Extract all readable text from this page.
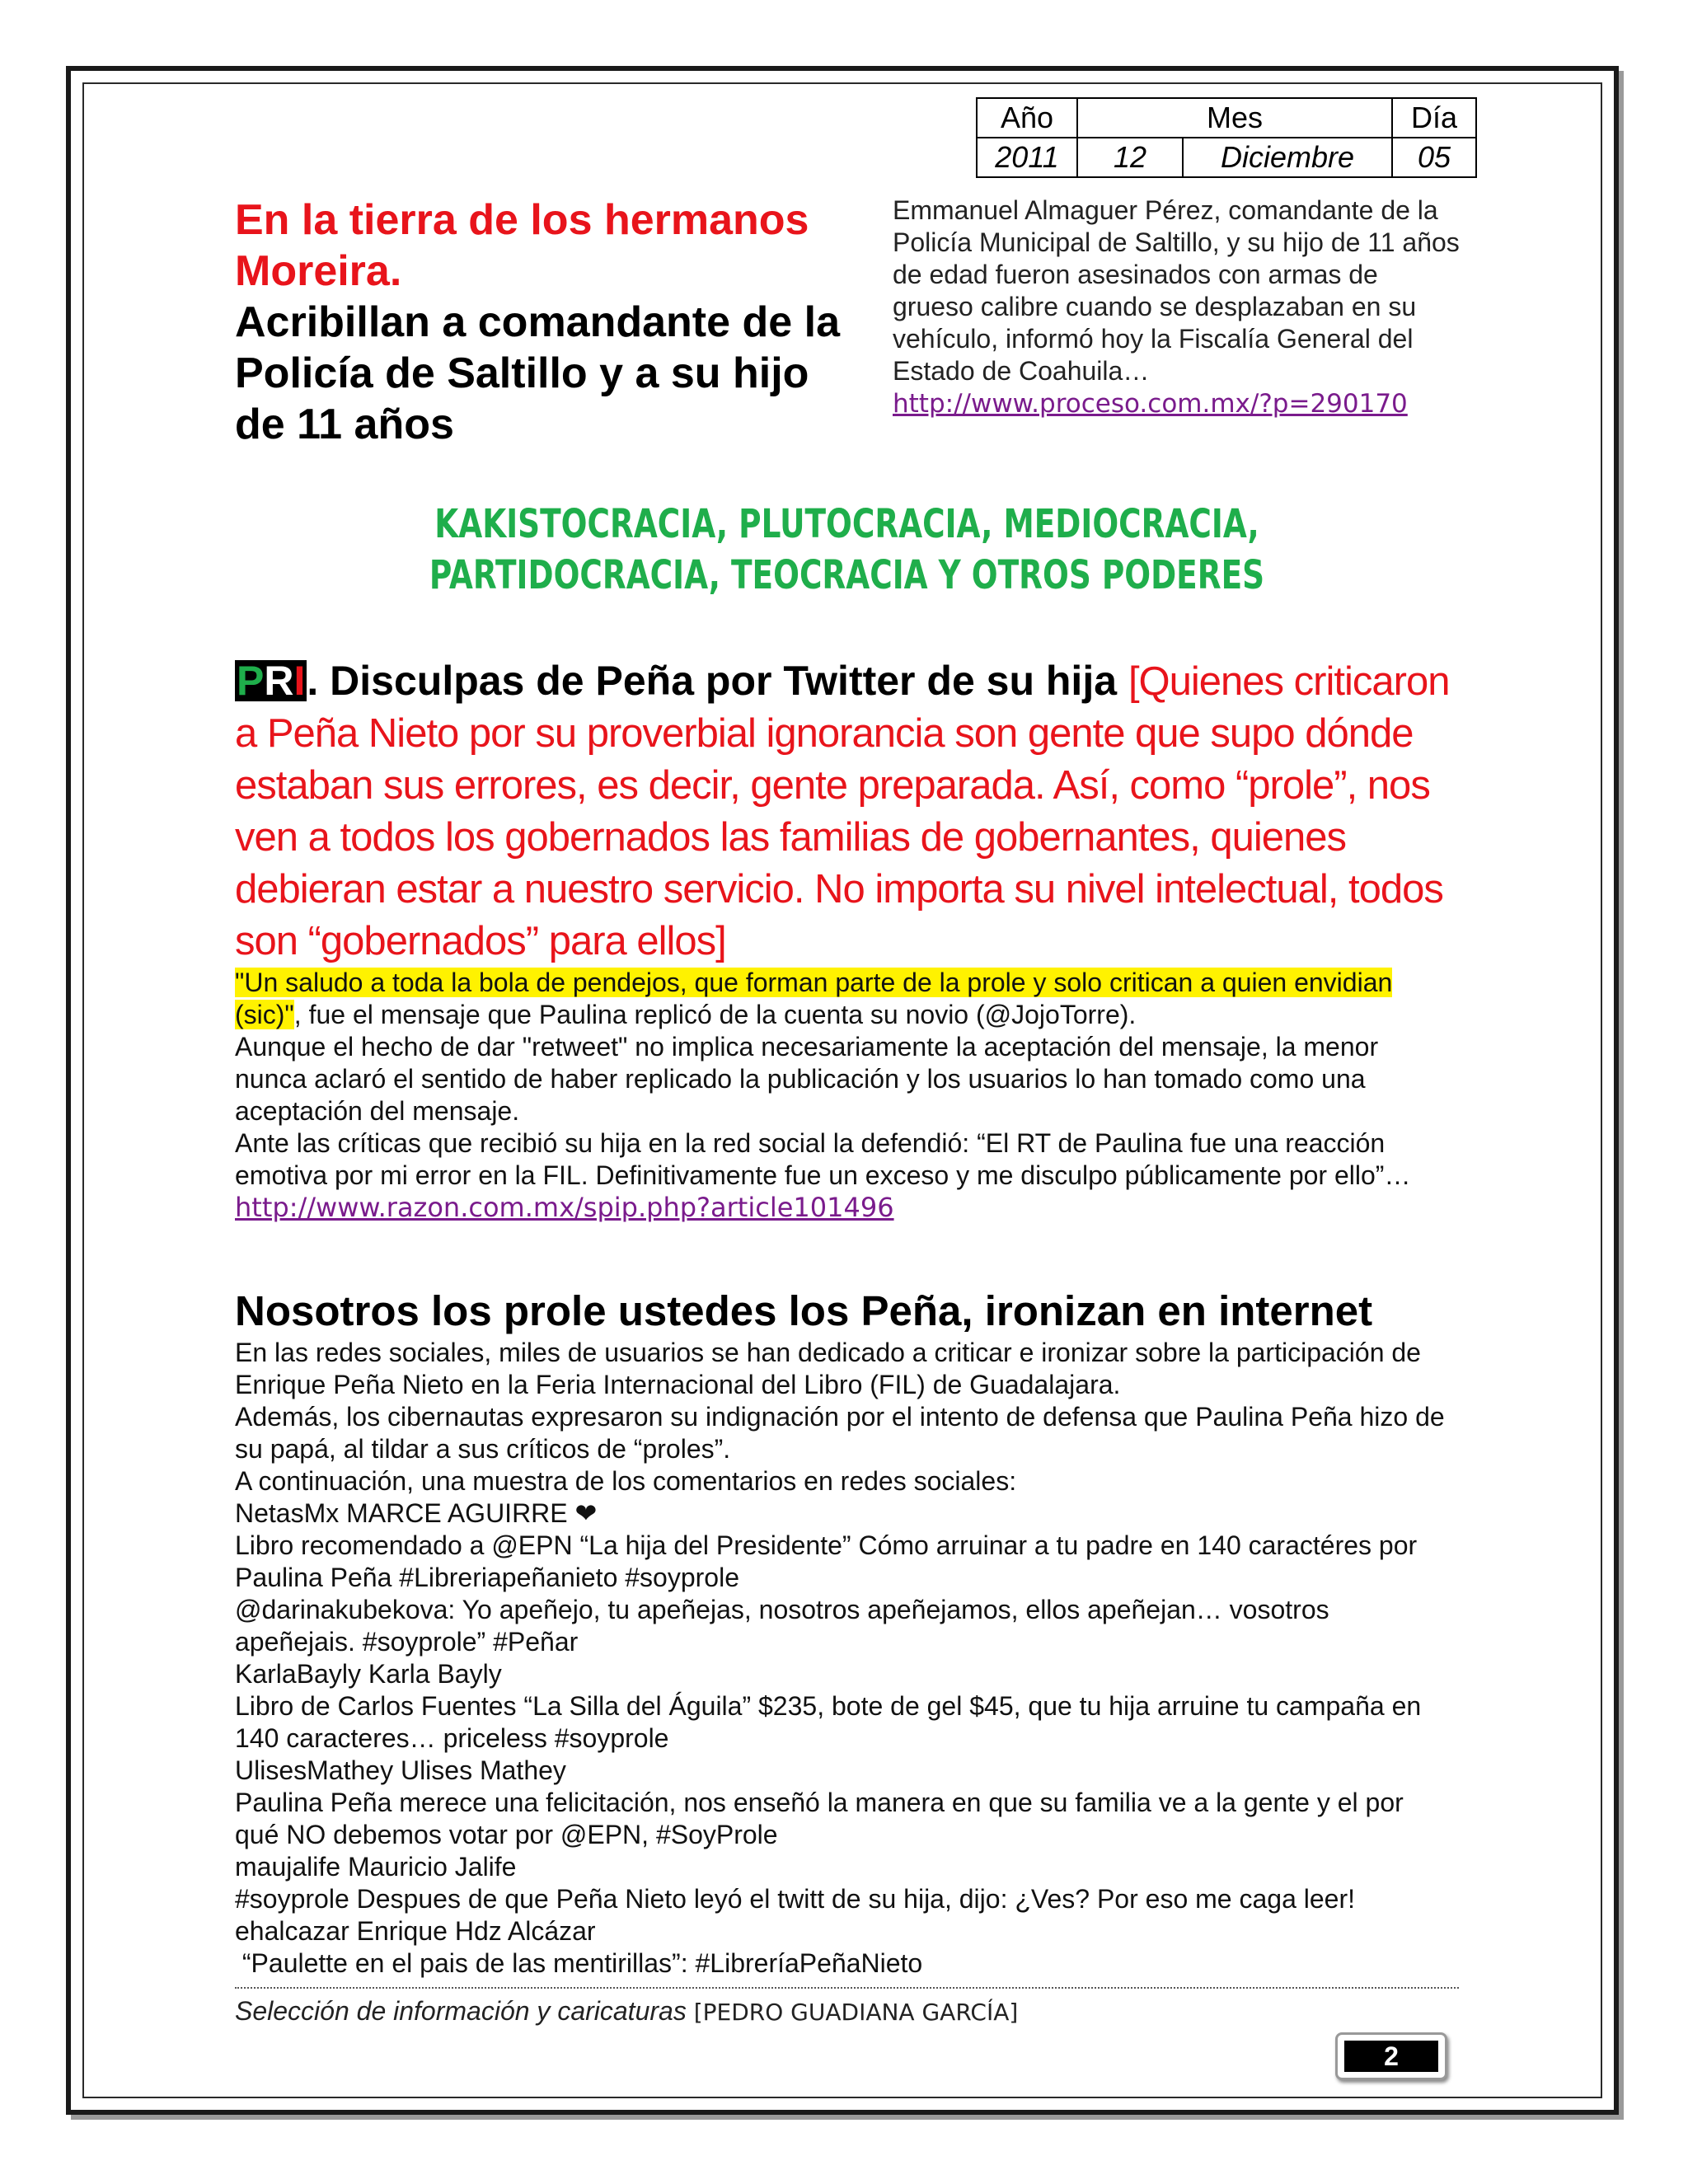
Año	Mes		Día
2011	12	Diciembre	05
En la tierra de los hermanos Moreira.
Acribillan a comandante de la Policía de Saltillo y a su hijo de 11 años
Emmanuel Almaguer Pérez, comandante de la Policía Municipal de Saltillo, y su hijo de 11 años de edad fueron asesinados con armas de grueso calibre cuando se desplazaban en su vehículo, informó hoy la Fiscalía General del Estado de Coahuila…
http://www.proceso.com.mx/?p=290170
KAKISTOCRACIA, PLUTOCRACIA, MEDIOCRACIA, PARTIDOCRACIA, TEOCRACIA Y OTROS PODERES
PRI. Disculpas de Peña por Twitter de su hija [Quienes criticaron a Peña Nieto por su proverbial ignorancia son gente que supo dónde estaban sus errores, es decir, gente preparada. Así, como “prole”, nos ven a todos los gobernados las familias de gobernantes, quienes debieran estar a nuestro servicio. No importa su nivel intelectual, todos son “gobernados” para ellos]
"Un saludo a toda la bola de pendejos, que forman parte de la prole y solo critican a quien envidian (sic)", fue el mensaje que Paulina replicó de la cuenta su novio (@JojoTorre).
Aunque el hecho de dar "retweet" no implica necesariamente la aceptación del mensaje, la menor nunca aclaró el sentido de haber replicado la publicación y los usuarios lo han tomado como una aceptación del mensaje.
Ante las críticas que recibió su hija en la red social la defendió: “El RT de Paulina fue una reacción emotiva por mi error en la FIL. Definitivamente fue un exceso y me disculpo públicamente por ello”…
http://www.razon.com.mx/spip.php?article101496
Nosotros los prole ustedes los Peña, ironizan en internet
En las redes sociales, miles de usuarios se han dedicado a criticar e ironizar sobre la participación de Enrique Peña Nieto en la Feria Internacional del Libro (FIL) de Guadalajara.
Además, los cibernautas expresaron su indignación por el intento de defensa que Paulina Peña hizo de su papá, al tildar a sus críticos de “proles”.
A continuación, una muestra de los comentarios en redes sociales:
NetasMx MARCE AGUIRRE ❤
Libro recomendado a @EPN “La hija del Presidente” Cómo arruinar a tu padre en 140 caractéres por Paulina Peña #Libreriapeñanieto #soyprole
@darinakubekova: Yo apeñejo, tu apeñejas, nosotros apeñejamos, ellos apeñejan… vosotros apeñejais. #soyprole” #Peñar
KarlaBayly Karla Bayly
Libro de Carlos Fuentes “La Silla del Águila” $235, bote de gel $45, que tu hija arruine tu campaña en 140 caracteres… priceless #soyprole
UlisesMathey Ulises Mathey
Paulina Peña merece una felicitación, nos enseñó la manera en que su familia ve a la gente y el por qué NO debemos votar por @EPN, #SoyProle
maujalife Mauricio Jalife
#soyprole Despues de que Peña Nieto leyó el twitt de su hija, dijo: ¿Ves? Por eso me caga leer!
ehalcazar Enrique Hdz Alcázar
“Paulette en el pais de las mentirillas”: #LibreríaPeñaNieto
Selección de información y caricaturas [PEDRO GUADIANA GARCÍA]
2
